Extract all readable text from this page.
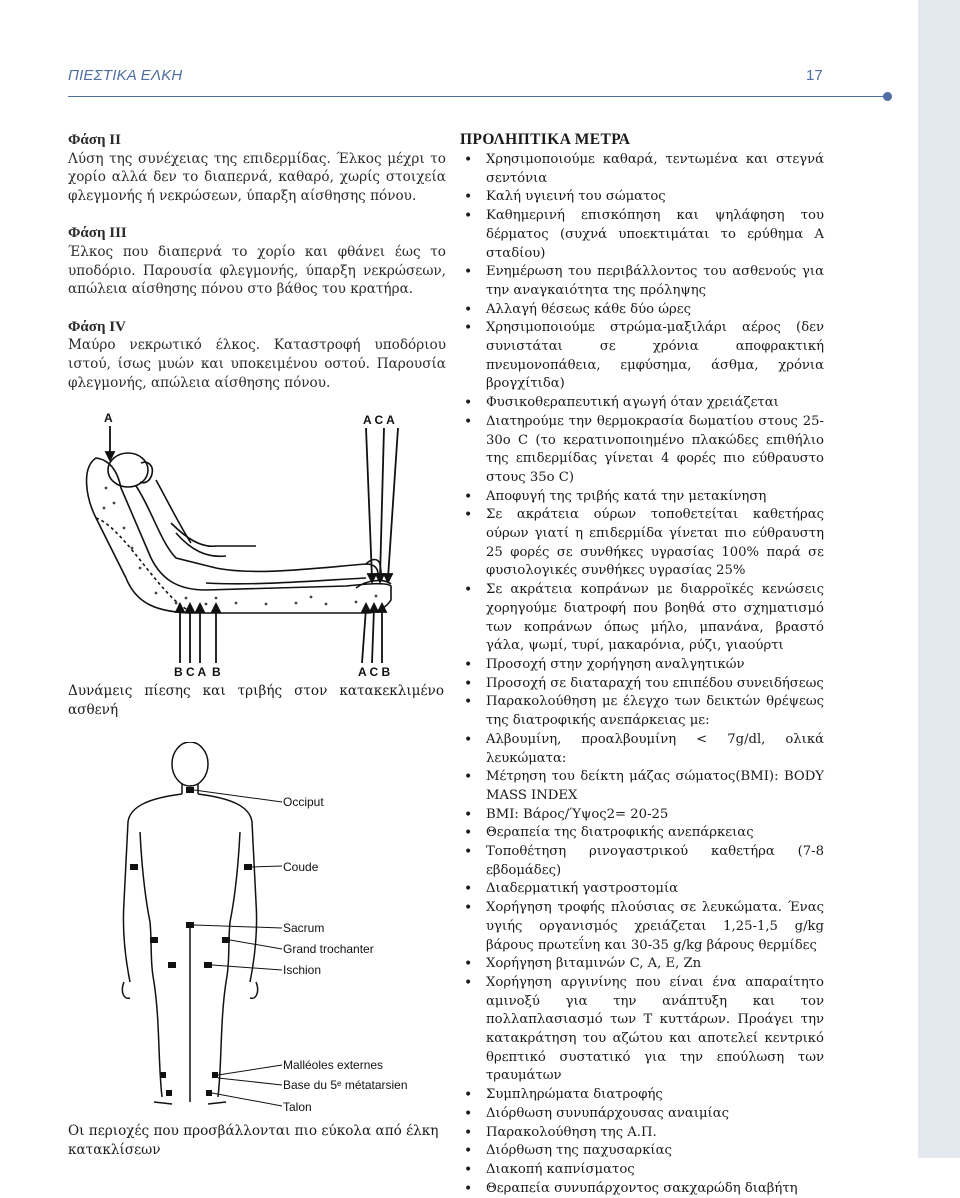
ΠΙΕΣΤΙΚΑ ΕΛΚΗ	17
Φάση ΙΙ
Λύση της συνέχειας της επιδερμίδας. Έλκος μέχρι το χορίο αλλά δεν το διαπερνά, καθαρό, χωρίς στοιχεία φλεγμονής ή νεκρώσεων, ύπαρξη αίσθησης πόνου.
Φάση ΙΙΙ
Έλκος που διαπερνά το χορίο και φθάνει έως το υποδόριο. Παρουσία φλεγμονής, ύπαρξη νεκρώσεων, απώλεια αίσθησης πόνου στο βάθος του κρατήρα.
Φάση ΙV
Μαύρο νεκρωτικό έλκος. Καταστροφή υποδόριου ιστού, ίσως μυών και υποκειμένου οστού. Παρουσία φλεγμονής, απώλεια αίσθησης πόνου.
A	A C A
B C A B	A C B
Δυνάμεις πίεσης και τριβής στον κατακεκλιμένο
ασθενή
Occiput
Coude
Sacrum
Grand trochanter
Ischion
Malléoles externes
Base du 5ᵉ métatarsien
Talon
Οι περιοχές που προσβάλλονται πιο εύκολα από έλκη κατακλίσεων
ΠΡΟΛΗΠΤΙΚΑ ΜΕΤΡΑ
• Χρησιμοποιούμε καθαρά, τεντωμένα και στεγνά σεντόνια
• Καλή υγιεινή του σώματος
• Καθημερινή επισκόπηση και ψηλάφηση του δέρματος (συχνά υποεκτιμάται το ερύθημα Α σταδίου)
• Ενημέρωση του περιβάλλοντος του ασθενούς για την αναγκαιότητα της πρόληψης
• Αλλαγή θέσεως κάθε δύο ώρες
• Χρησιμοποιούμε στρώμα-μαξιλάρι αέρος (δεν συνιστάται σε χρόνια αποφρακτική πνευμονοπάθεια, εμφύσημα, άσθμα, χρόνια βρογχίτιδα)
• Φυσικοθεραπευτική αγωγή όταν χρειάζεται
• Διατηρούμε την θερμοκρασία δωματίου στους 25-30ο C (το κερατινοποιημένο πλακώδες επιθήλιο της επιδερμίδας γίνεται 4 φορές πιο εύθραυστο στους 35ο C)
• Αποφυγή της τριβής κατά την μετακίνηση
• Σε ακράτεια ούρων τοποθετείται καθετήρας ούρων γιατί η επιδερμίδα γίνεται πιο εύθραυστη 25 φορές σε συνθήκες υγρασίας 100% παρά σε φυσιολογικές συνθήκες υγρασίας 25%
• Σε ακράτεια κοπράνων με διαρροϊκές κενώσεις χορηγούμε διατροφή που βοηθά στο σχηματισμό των κοπράνων όπως μήλο, μπανάνα, βραστό γάλα, ψωμί, τυρί, μακαρόνια, ρύζι, γιαούρτι
• Προσοχή στην χορήγηση αναλγητικών
• Προσοχή σε διαταραχή του επιπέδου συνειδήσεως
• Παρακολούθηση με έλεγχο των δεικτών θρέψεως της διατροφικής ανεπάρκειας με:
• Αλβουμίνη, προαλβουμίνη < 7g/dl, ολικά λευκώματα:
• Μέτρηση του δείκτη μάζας σώματος(ΒΜΙ): BODY MASS INDEX
• ΒΜΙ: Βάρος/Ύψος2= 20-25
• Θεραπεία της διατροφικής ανεπάρκειας
• Τοποθέτηση ρινογαστρικού καθετήρα (7-8 εβδομάδες)
• Διαδερματική γαστροστομία
• Χορήγηση τροφής πλούσιας σε λευκώματα. Ένας υγιής οργανισμός χρειάζεται 1,25-1,5 g/kg βάρους πρωτεΐνη και 30-35 g/kg βάρους θερμίδες
• Χορήγηση βιταμινών C, A, E, Zn
• Χορήγηση αργινίνης που είναι ένα απαραίτητο αμινοξύ για την ανάπτυξη και τον πολλαπλασιασμό των Τ κυττάρων. Προάγει την κατακράτηση του αζώτου και αποτελεί κεντρικό θρεπτικό συστατικό για την επούλωση των τραυμάτων
• Συμπληρώματα διατροφής
• Διόρθωση συνυπάρχουσας αναιμίας
• Παρακολούθηση της Α.Π.
• Διόρθωση της παχυσαρκίας
• Διακοπή καπνίσματος
• Θεραπεία συνυπάρχοντος σακχαρώδη διαβήτη
